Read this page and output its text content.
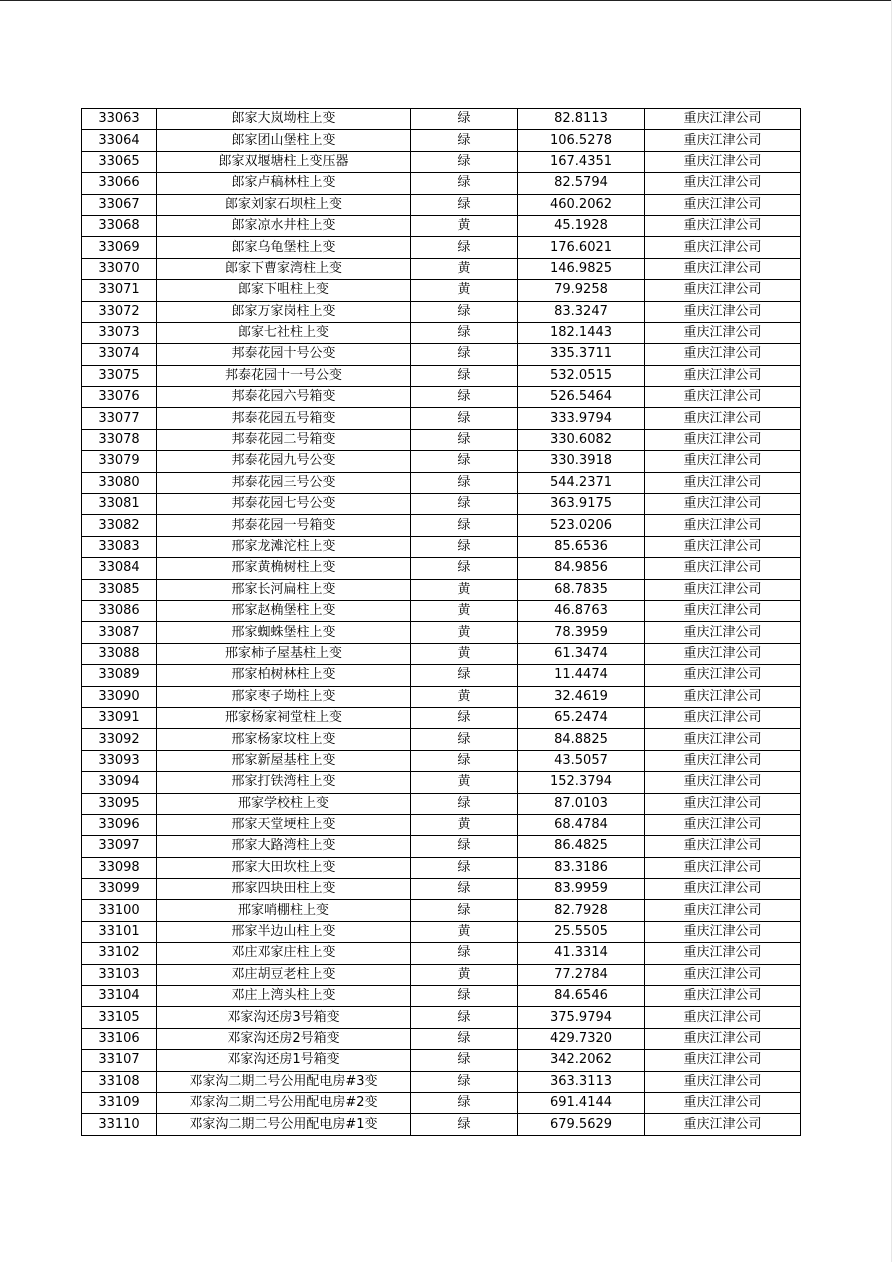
33063	郎家大岚坳柱上变	绿	82.8113	重庆江津公司
33064	郎家团山堡柱上变	绿	106.5278	重庆江津公司
33065	郎家双堰塘柱上变压器	绿	167.4351	重庆江津公司
33066	郎家卢稿林柱上变	绿	82.5794	重庆江津公司
33067	郎家刘家石坝柱上变	绿	460.2062	重庆江津公司
33068	郎家凉水井柱上变	黄	45.1928	重庆江津公司
33069	郎家乌龟堡柱上变	绿	176.6021	重庆江津公司
33070	郎家下曹家湾柱上变	黄	146.9825	重庆江津公司
33071	郎家下咀柱上变	黄	79.9258	重庆江津公司
33072	郎家万家岗柱上变	绿	83.3247	重庆江津公司
33073	郎家七社柱上变	绿	182.1443	重庆江津公司
33074	邦泰花园十号公变	绿	335.3711	重庆江津公司
33075	邦泰花园十一号公变	绿	532.0515	重庆江津公司
33076	邦泰花园六号箱变	绿	526.5464	重庆江津公司
33077	邦泰花园五号箱变	绿	333.9794	重庆江津公司
33078	邦泰花园二号箱变	绿	330.6082	重庆江津公司
33079	邦泰花园九号公变	绿	330.3918	重庆江津公司
33080	邦泰花园三号公变	绿	544.2371	重庆江津公司
33081	邦泰花园七号公变	绿	363.9175	重庆江津公司
33082	邦泰花园一号箱变	绿	523.0206	重庆江津公司
33083	邢家龙滩沱柱上变	绿	85.6536	重庆江津公司
33084	邢家黄桷树柱上变	绿	84.9856	重庆江津公司
33085	邢家长河扁柱上变	黄	68.7835	重庆江津公司
33086	邢家赵桷堡柱上变	黄	46.8763	重庆江津公司
33087	邢家蜘蛛堡柱上变	黄	78.3959	重庆江津公司
33088	邢家柿子屋基柱上变	黄	61.3474	重庆江津公司
33089	邢家柏树林柱上变	绿	11.4474	重庆江津公司
33090	邢家枣子坳柱上变	黄	32.4619	重庆江津公司
33091	邢家杨家祠堂柱上变	绿	65.2474	重庆江津公司
33092	邢家杨家坟柱上变	绿	84.8825	重庆江津公司
33093	邢家新屋基柱上变	绿	43.5057	重庆江津公司
33094	邢家打铁湾柱上变	黄	152.3794	重庆江津公司
33095	邢家学校柱上变	绿	87.0103	重庆江津公司
33096	邢家天堂埂柱上变	黄	68.4784	重庆江津公司
33097	邢家大路湾柱上变	绿	86.4825	重庆江津公司
33098	邢家大田坎柱上变	绿	83.3186	重庆江津公司
33099	邢家四块田柱上变	绿	83.9959	重庆江津公司
33100	邢家哨棚柱上变	绿	82.7928	重庆江津公司
33101	邢家半边山柱上变	黄	25.5505	重庆江津公司
33102	邓庄邓家庄柱上变	绿	41.3314	重庆江津公司
33103	邓庄胡豆老柱上变	黄	77.2784	重庆江津公司
33104	邓庄上湾头柱上变	绿	84.6546	重庆江津公司
33105	邓家沟还房3号箱变	绿	375.9794	重庆江津公司
33106	邓家沟还房2号箱变	绿	429.7320	重庆江津公司
33107	邓家沟还房1号箱变	绿	342.2062	重庆江津公司
33108	邓家沟二期二号公用配电房#3变	绿	363.3113	重庆江津公司
33109	邓家沟二期二号公用配电房#2变	绿	691.4144	重庆江津公司
33110	邓家沟二期二号公用配电房#1变	绿	679.5629	重庆江津公司
